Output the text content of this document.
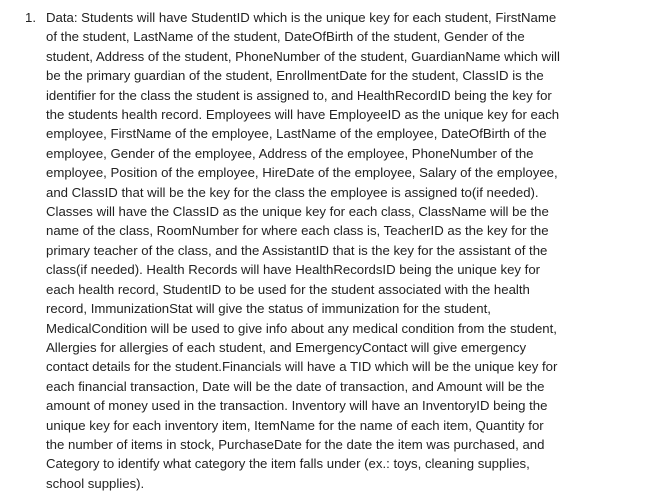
1. Data: Students will have StudentID which is the unique key for each student, FirstName
of the student, LastName of the student, DateOfBirth of the student, Gender of the
student, Address of the student, PhoneNumber of the student, GuardianName which will
be the primary guardian of the student, EnrollmentDate for the student, ClassID is the
identifier for the class the student is assigned to, and HealthRecordID being the key for
the students health record. Employees will have EmployeeID as the unique key for each
employee, FirstName of the employee, LastName of the employee, DateOfBirth of the
employee, Gender of the employee, Address of the employee, PhoneNumber of the
employee, Position of the employee, HireDate of the employee, Salary of the employee,
and ClassID that will be the key for the class the employee is assigned to(if needed).
Classes will have the ClassID as the unique key for each class, ClassName will be the
name of the class, RoomNumber for where each class is, TeacherID as the key for the
primary teacher of the class, and the AssistantID that is the key for the assistant of the
class(if needed). Health Records will have HealthRecordsID being the unique key for
each health record, StudentID to be used for the student associated with the health
record, ImmunizationStat will give the status of immunization for the student,
MedicalCondition will be used to give info about any medical condition from the student,
Allergies for allergies of each student, and EmergencyContact will give emergency
contact details for the student.Financials will have a TID which will be the unique key for
each financial transaction, Date will be the date of transaction, and Amount will be the
amount of money used in the transaction. Inventory will have an InventoryID being the
unique key for each inventory item, ItemName for the name of each item, Quantity for
the number of items in stock, PurchaseDate for the date the item was purchased, and
Category to identify what category the item falls under (ex.: toys, cleaning supplies,
school supplies).
